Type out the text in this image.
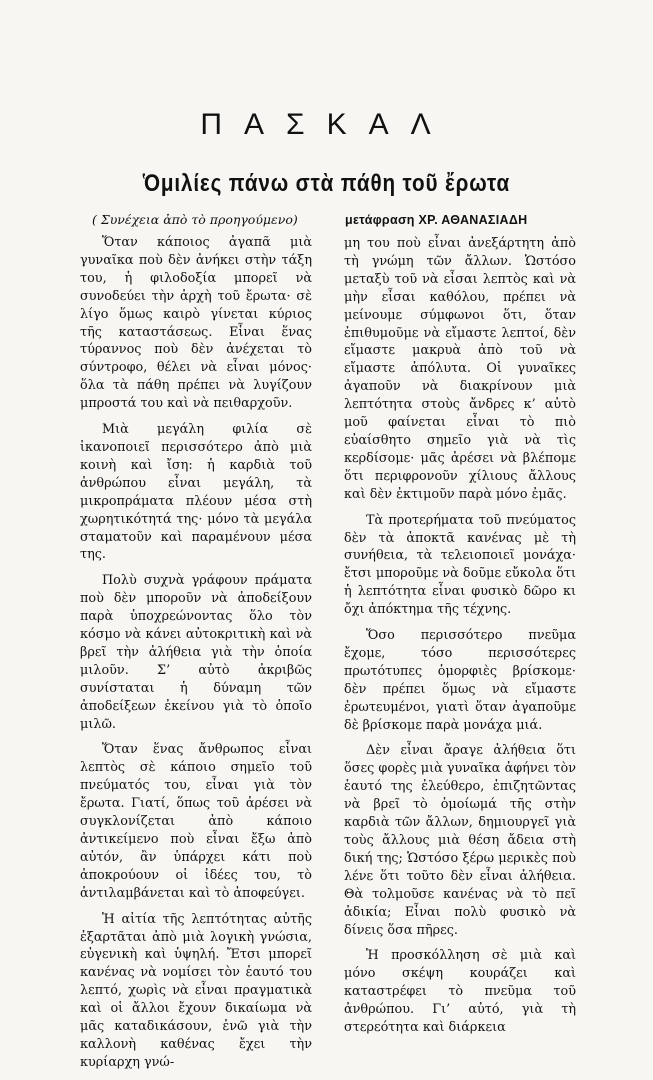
ΠΑΣΚΑΛ
Ὁμιλίες πάνω στὰ πάθη τοῦ ἔρωτα
( Συνέχεια ἀπὸ τὸ προηγούμενο)	μετάφραση ΧΡ. ΑΘΑΝΑΣΙΑΔΗ

Ὅταν κάποιος ἀγαπᾶ μιὰ γυναῖκα ποὺ δὲν ἀνήκει στὴν τάξη του, ἡ φιλοδοξία μπορεῖ νὰ συνοδεύει τὴν ἀρχὴ τοῦ ἔρωτα· σὲ λίγο ὅμως καιρὸ γίνεται κύριος τῆς καταστάσεως. Εἶναι ἕνας τύραννος ποὺ δὲν ἀνέχεται τὸ σύντροφο, θέλει νὰ εἶναι μόνος· ὅλα τὰ πάθη πρέπει νὰ λυγίζουν μπροστά του καὶ νὰ πειθαρχοῦν.

Μιὰ μεγάλη φιλία σὲ ἱκανοποιεῖ περισσότερο ἀπὸ μιὰ κοινὴ καὶ ἴση: ἡ καρδιὰ τοῦ ἀνθρώπου εἶναι μεγάλη, τὰ μικροπράματα πλέουν μέσα στὴ χωρητικότητά της· μόνο τὰ μεγάλα σταματοῦν καὶ παραμένουν μέσα της.

Πολὺ συχνὰ γράφουν πράματα ποὺ δὲν μποροῦν νὰ ἀποδείξουν παρὰ ὑποχρεώνοντας ὅλο τὸν κόσμο νὰ κάνει αὐτοκριτικὴ καὶ νὰ βρεῖ τὴν ἀλήθεια γιὰ τὴν ὁποία μιλοῦν. Σ’ αὐτὸ ἀκριβῶς συνίσταται ἡ δύναμη τῶν ἀποδείξεων ἐκείνου γιὰ τὸ ὁποῖο μιλῶ.

Ὅταν ἕνας ἄνθρωπος εἶναι λεπτὸς σὲ κάποιο σημεῖο τοῦ πνεύματός του, εἶναι γιὰ τὸν ἔρωτα. Γιατί, ὅπως τοῦ ἀρέσει νὰ συγκλονίζεται ἀπὸ κάποιο ἀντικείμενο ποὺ εἶναι ἔξω ἀπὸ αὐτόν, ἂν ὑπάρχει κάτι ποὺ ἀποκρούουν οἱ ἰδέες του, τὸ ἀντιλαμβάνεται καὶ τὸ ἀποφεύγει.

Ἡ αἰτία τῆς λεπτότητας αὐτῆς ἐξαρτᾶται ἀπὸ μιὰ λογικὴ γνώσια, εὐγενικὴ καὶ ὑψηλή. Ἔτσι μπορεῖ κανένας νὰ νομίσει τὸν ἑαυτό του λεπτό, χωρὶς νὰ εἶναι πραγματικὰ καὶ οἱ ἄλλοι ἔχουν δικαίωμα νὰ μᾶς καταδικάσουν, ἐνῶ γιὰ τὴν καλλονὴ καθένας ἔχει τὴν κυρίαρχη γνώ-

μη του ποὺ εἶναι ἀνεξάρτητη ἀπὸ τὴ γνώμη τῶν ἄλλων. Ὡστόσο μεταξὺ τοῦ νὰ εἶσαι λεπτὸς καὶ νὰ μὴν εἶσαι καθόλου, πρέπει νὰ μείνουμε σύμφωνοι ὅτι, ὅταν ἐπιθυμοῦμε νὰ εἴμαστε λεπτοί, δὲν εἴμαστε μακρυὰ ἀπὸ τοῦ νὰ εἴμαστε ἀπόλυτα. Οἱ γυναῖκες ἀγαποῦν νὰ διακρίνουν μιὰ λεπτότητα στοὺς ἄνδρες κ’ αὐτὸ μοῦ φαίνεται εἶναι τὸ πιὸ εὐαίσθητο σημεῖο γιὰ νὰ τὶς κερδίσομε· μᾶς ἀρέσει νὰ βλέπομε ὅτι περιφρονοῦν χίλιους ἄλλους καὶ δὲν ἐκτιμοῦν παρὰ μόνο ἐμᾶς.

Τὰ προτερήματα τοῦ πνεύματος δὲν τὰ ἀποκτᾶ κανένας μὲ τὴ συνήθεια, τὰ τελειοποιεῖ μονάχα· ἔτσι μποροῦμε νὰ δοῦμε εὔκολα ὅτι ἡ λεπτότητα εἶναι φυσικὸ δῶρο κι ὄχι ἀπόκτημα τῆς τέχνης.

Ὅσο περισσότερο πνεῦμα ἔχομε, τόσο περισσότερες πρωτότυπες ὁμορφιὲς βρίσκομε· δὲν πρέπει ὅμως νὰ εἴμαστε ἐρωτευμένοι, γιατὶ ὅταν ἀγαποῦμε δὲ βρίσκομε παρὰ μονάχα μιά.

Δὲν εἶναι ἄραγε ἀλήθεια ὅτι ὅσες φορὲς μιὰ γυναῖκα ἀφήνει τὸν ἑαυτό της ἐλεύθερο, ἐπιζητῶντας νὰ βρεῖ τὸ ὁμοίωμά τῆς στὴν καρδιὰ τῶν ἄλλων, δημιουργεῖ γιὰ τοὺς ἄλλους μιὰ θέση ἄδεια στὴ δική της; Ὡστόσο ξέρω μερικὲς ποὺ λένε ὅτι τοῦτο δὲν εἶναι ἀλήθεια. Θὰ τολμοῦσε κανένας νὰ τὸ πεῖ ἀδικία; Εἶναι πολὺ φυσικὸ νὰ δίνεις ὅσα πῆρες.

Ἡ προσκόλληση σὲ μιὰ καὶ μόνο σκέψη κουράζει καὶ καταστρέφει τὸ πνεῦμα τοῦ ἀνθρώπου. Γι’ αὐτό, γιὰ τὴ στερεότητα καὶ διάρκεια
